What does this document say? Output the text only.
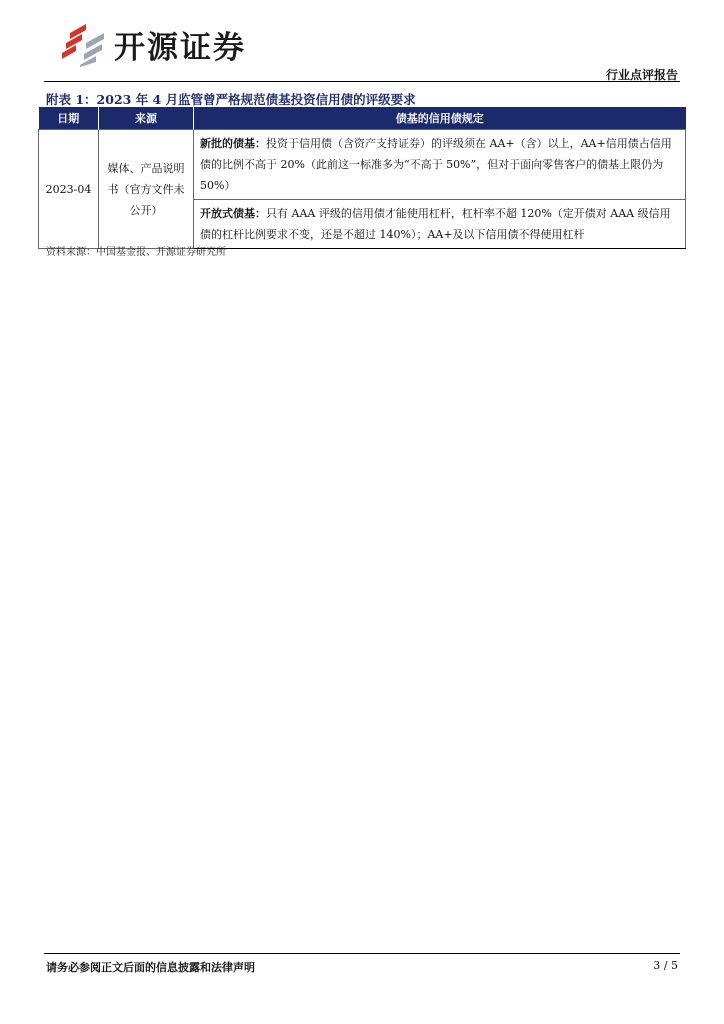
开源证券
行业点评报告
附表 1：2023 年 4 月监管曾严格规范债基投资信用债的评级要求
日期	来源	债基的信用债规定
2023-04	媒体、产品说明书（官方文件未公开）	新批的债基：投资于信用债（含资产支持证券）的评级须在 AA+（含）以上，AA+信用债占信用债的比例不高于 20%（此前这一标准多为“不高于 50%”，但对于面向零售客户的债基上限仍为 50%）
		开放式债基：只有 AAA 评级的信用债才能使用杠杆，杠杆率不超 120%（定开债对 AAA 级信用债的杠杆比例要求不变，还是不超过 140%）；AA+及以下信用债不得使用杠杆
资料来源：中国基金报、开源证券研究所
请务必参阅正文后面的信息披露和法律声明	3 / 5
